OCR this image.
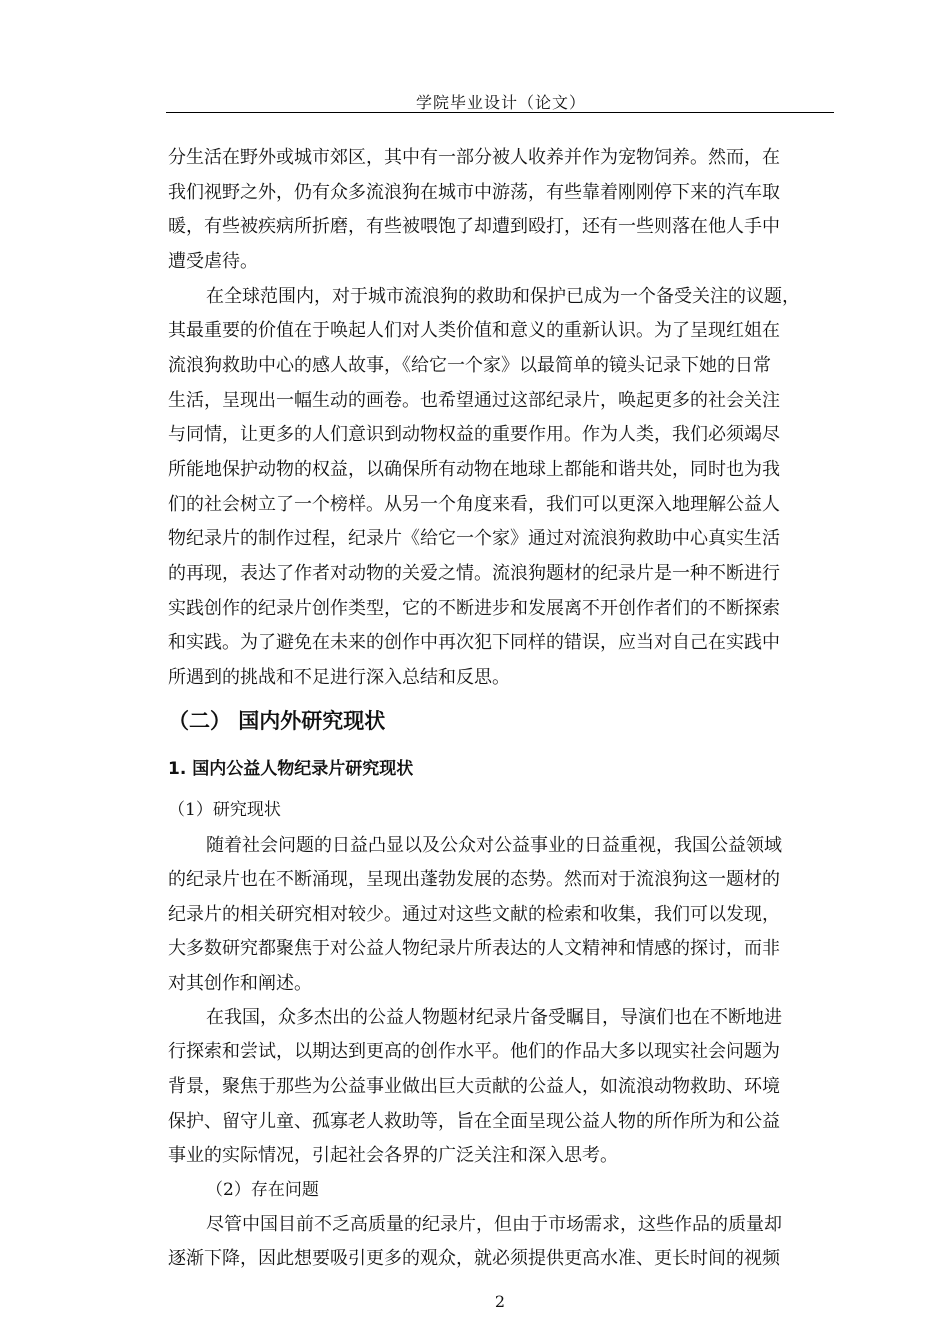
学院毕业设计（论文）
分生活在野外或城市郊区，其中有一部分被人收养并作为宠物饲养。然而，在
我们视野之外，仍有众多流浪狗在城市中游荡，有些靠着刚刚停下来的汽车取
暖，有些被疾病所折磨，有些被喂饱了却遭到殴打，还有一些则落在他人手中
遭受虐待。
在全球范围内，对于城市流浪狗的救助和保护已成为一个备受关注的议题，
其最重要的价值在于唤起人们对人类价值和意义的重新认识。为了呈现红姐在
流浪狗救助中心的感人故事，《给它一个家》以最简单的镜头记录下她的日常
生活，呈现出一幅生动的画卷。也希望通过这部纪录片，唤起更多的社会关注
与同情，让更多的人们意识到动物权益的重要作用。作为人类，我们必须竭尽
所能地保护动物的权益，以确保所有动物在地球上都能和谐共处，同时也为我
们的社会树立了一个榜样。从另一个角度来看，我们可以更深入地理解公益人
物纪录片的制作过程，纪录片《给它一个家》通过对流浪狗救助中心真实生活
的再现，表达了作者对动物的关爱之情。流浪狗题材的纪录片是一种不断进行
实践创作的纪录片创作类型，它的不断进步和发展离不开创作者们的不断探索
和实践。为了避免在未来的创作中再次犯下同样的错误，应当对自己在实践中
所遇到的挑战和不足进行深入总结和反思。
（二） 国内外研究现状
1. 国内公益人物纪录片研究现状
（1）研究现状
随着社会问题的日益凸显以及公众对公益事业的日益重视，我国公益领域
的纪录片也在不断涌现，呈现出蓬勃发展的态势。然而对于流浪狗这一题材的
纪录片的相关研究相对较少。通过对这些文献的检索和收集，我们可以发现，
大多数研究都聚焦于对公益人物纪录片所表达的人文精神和情感的探讨，而非
对其创作和阐述。
在我国，众多杰出的公益人物题材纪录片备受瞩目，导演们也在不断地进
行探索和尝试，以期达到更高的创作水平。他们的作品大多以现实社会问题为
背景，聚焦于那些为公益事业做出巨大贡献的公益人，如流浪动物救助、环境
保护、留守儿童、孤寡老人救助等，旨在全面呈现公益人物的所作所为和公益
事业的实际情况，引起社会各界的广泛关注和深入思考。
（2）存在问题
尽管中国目前不乏高质量的纪录片，但由于市场需求，这些作品的质量却
逐渐下降，因此想要吸引更多的观众，就必须提供更高水准、更长时间的视频
2
